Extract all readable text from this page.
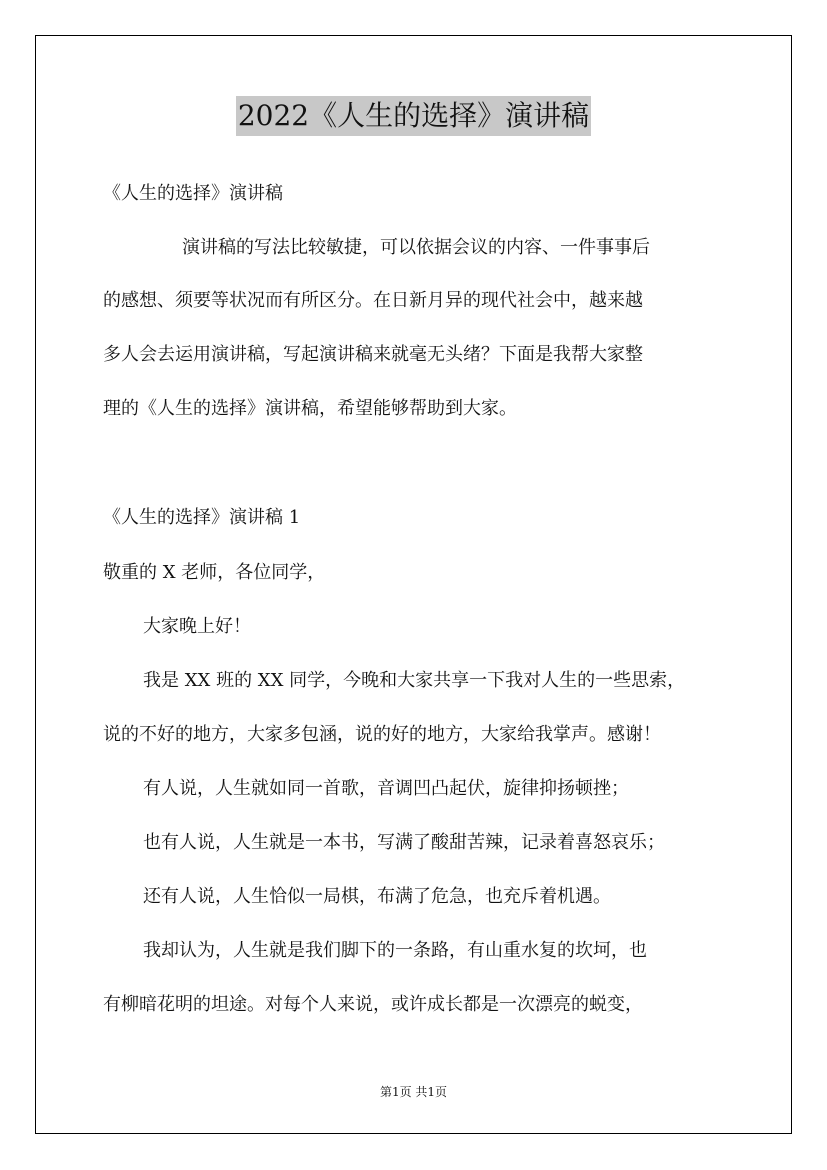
2022《人生的选择》演讲稿
《人生的选择》演讲稿
演讲稿的写法比较敏捷，可以依据会议的内容、一件事事后
的感想、须要等状况而有所区分。在日新月异的现代社会中，越来越
多人会去运用演讲稿，写起演讲稿来就毫无头绪？下面是我帮大家整
理的《人生的选择》演讲稿，希望能够帮助到大家。
《人生的选择》演讲稿 1
敬重的 X 老师，各位同学，
大家晚上好！
我是 XX 班的 XX 同学，今晚和大家共享一下我对人生的一些思索，
说的不好的地方，大家多包涵，说的好的地方，大家给我掌声。感谢！
有人说，人生就如同一首歌，音调凹凸起伏，旋律抑扬顿挫；
也有人说，人生就是一本书，写满了酸甜苦辣，记录着喜怒哀乐；
还有人说，人生恰似一局棋，布满了危急，也充斥着机遇。
我却认为，人生就是我们脚下的一条路，有山重水复的坎坷，也
有柳暗花明的坦途。对每个人来说，或许成长都是一次漂亮的蜕变，
第1页 共1页
